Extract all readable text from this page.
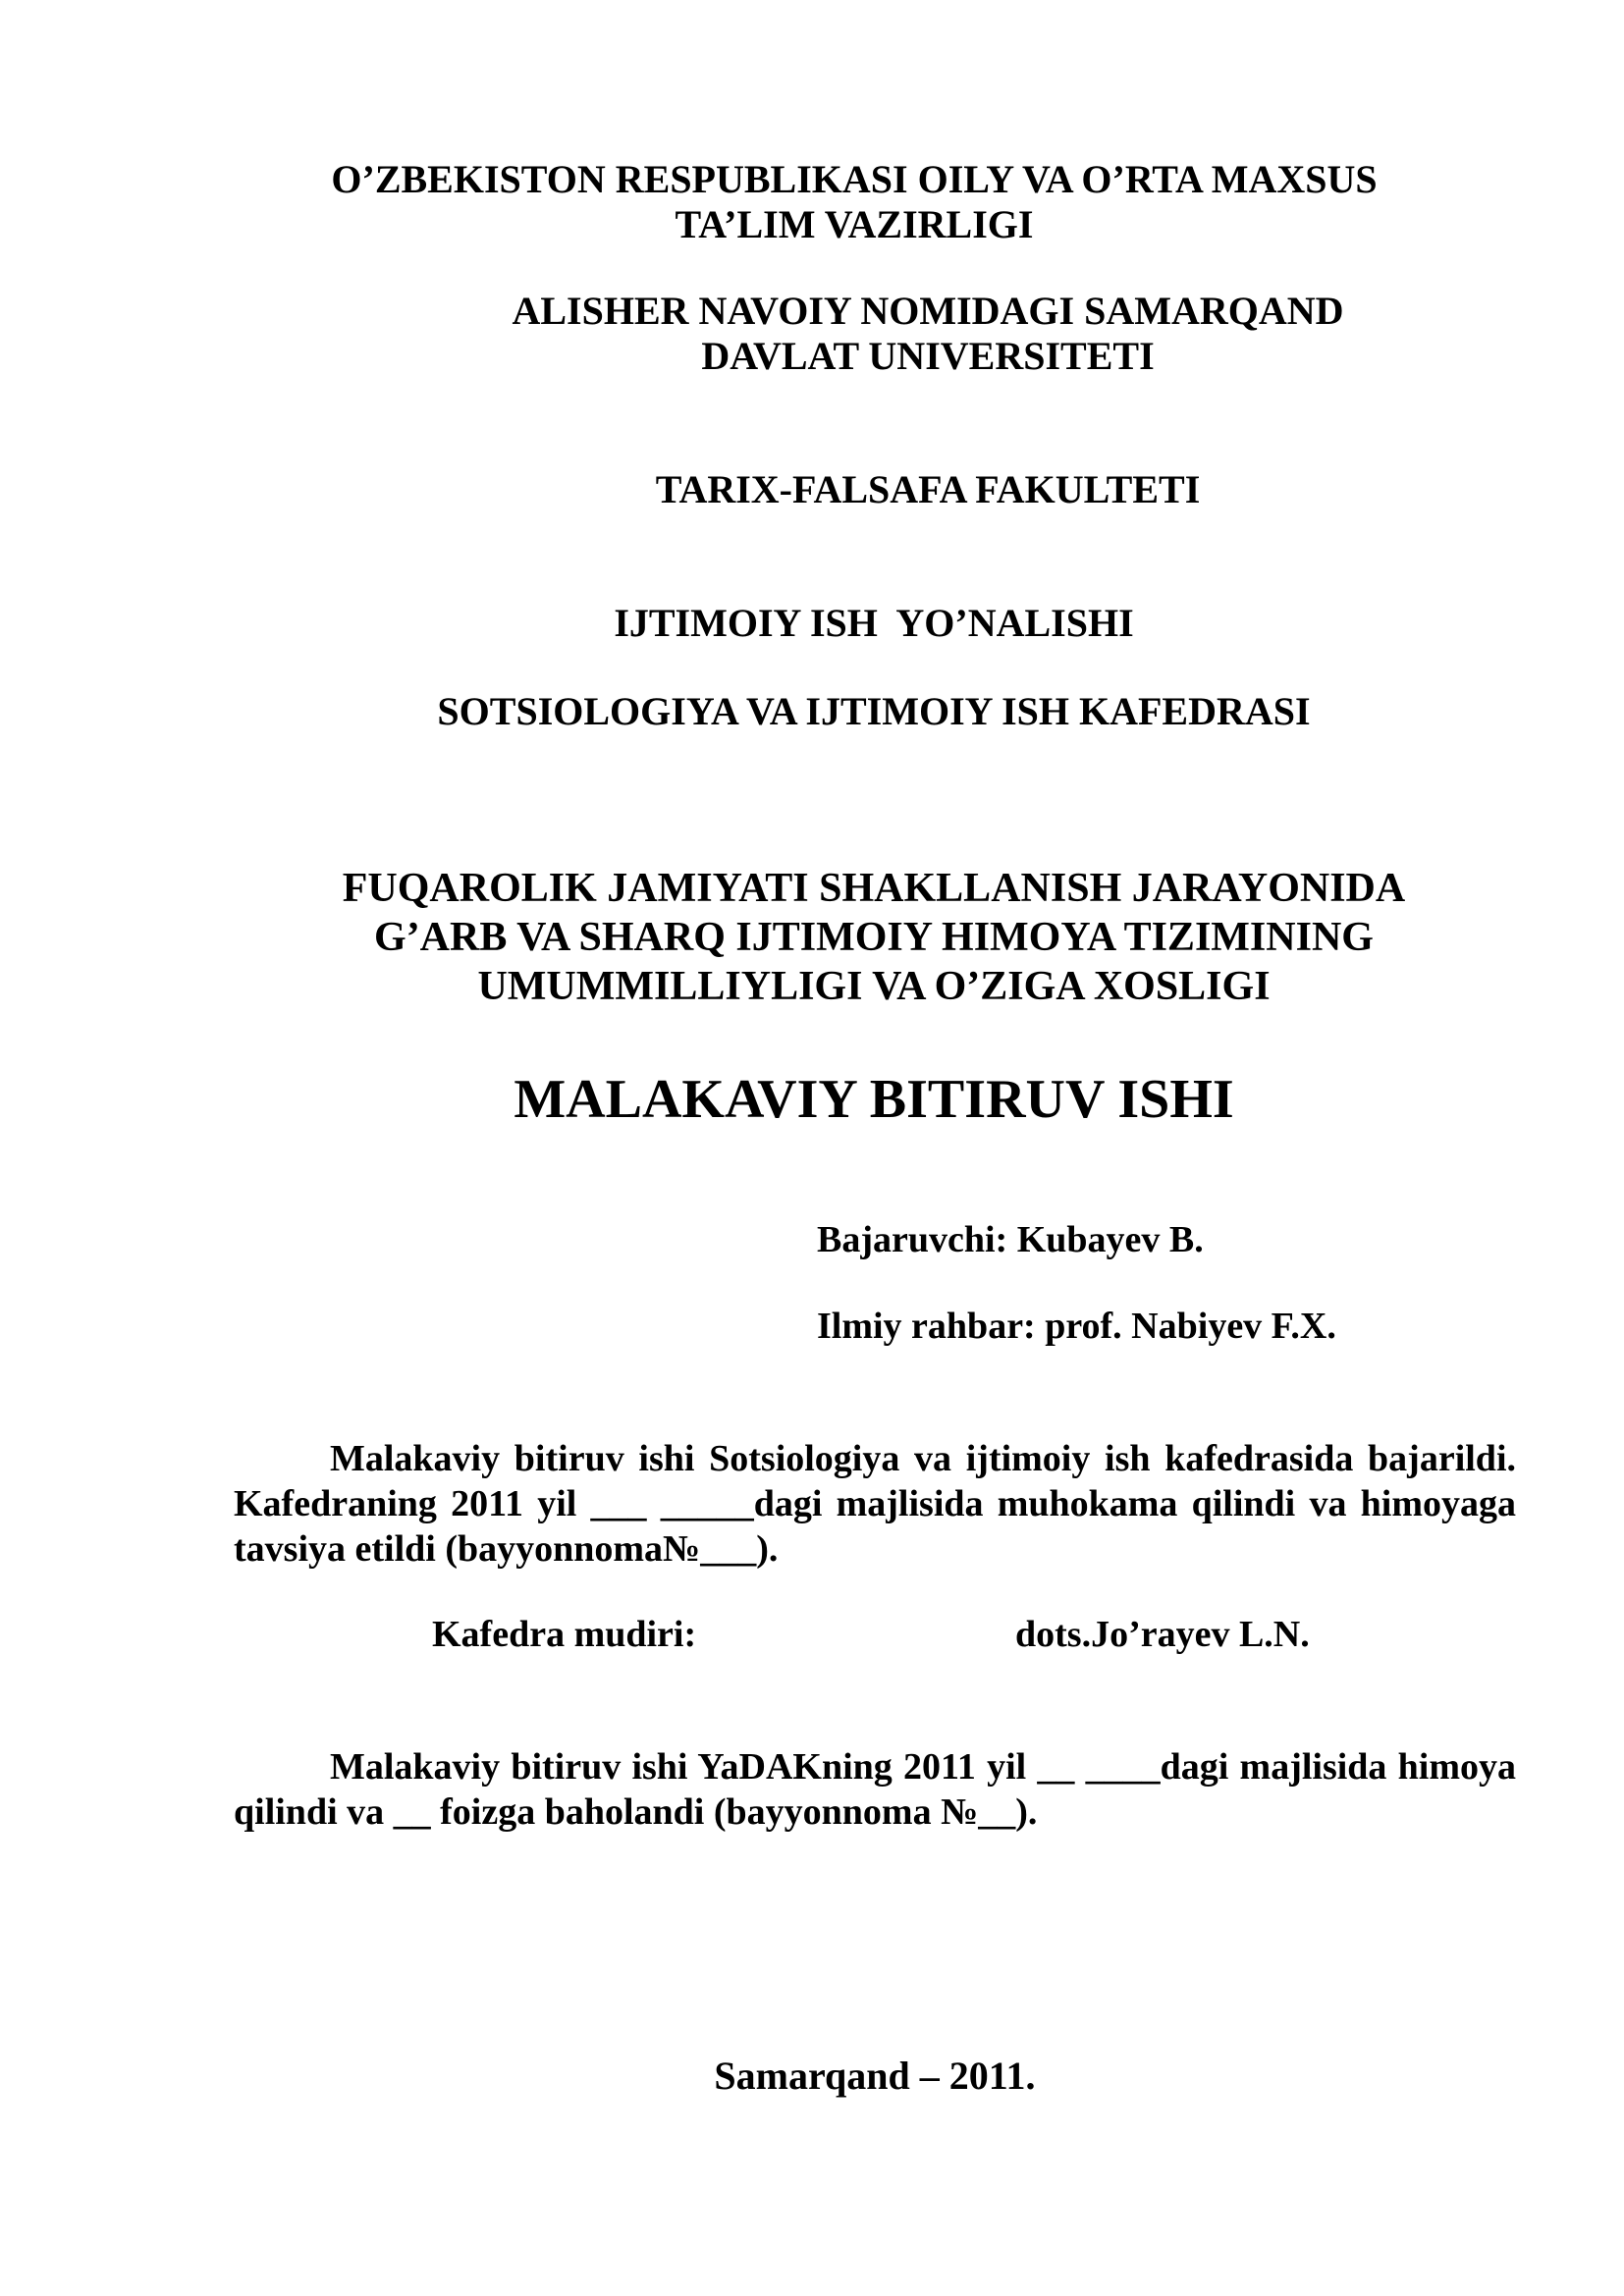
O’ZBEKISTON RESPUBLIKASI OILY VA O’RTA MAXSUS
TA’LIM VAZIRLIGI
ALISHER NAVOIY NOMIDAGI SAMARQAND
DAVLAT UNIVERSITETI
TARIX-FALSAFA FAKULTETI
IJTIMOIY ISH  YO’NALISHI
SOTSIOLOGIYA VA IJTIMOIY ISH KAFEDRASI
FUQAROLIK JAMIYATI SHAKLLANISH JARAYONIDA
G’ARB VA SHARQ IJTIMOIY HIMOYA TIZIMINING
UMUMMILLIYLIGI VA O’ZIGA XOSLIGI
MALAKAVIY BITIRUV ISHI
Bajaruvchi: Kubayev B.
Ilmiy rahbar: prof. Nabiyev F.X.
Malakaviy bitiruv ishi Sotsiologiya va ijtimoiy ish kafedrasida bajarildi. Kafedraning 2011 yil ___ _____dagi majlisida muhokama qilindi va himoyaga tavsiya etildi (bayyonnoma№___).
Kafedra mudiri:	dots.Jo’rayev L.N.
Malakaviy bitiruv ishi YaDAKning 2011 yil __ ____dagi majlisida himoya qilindi va __ foizga baholandi (bayyonnoma №__).
Samarqand – 2011.
